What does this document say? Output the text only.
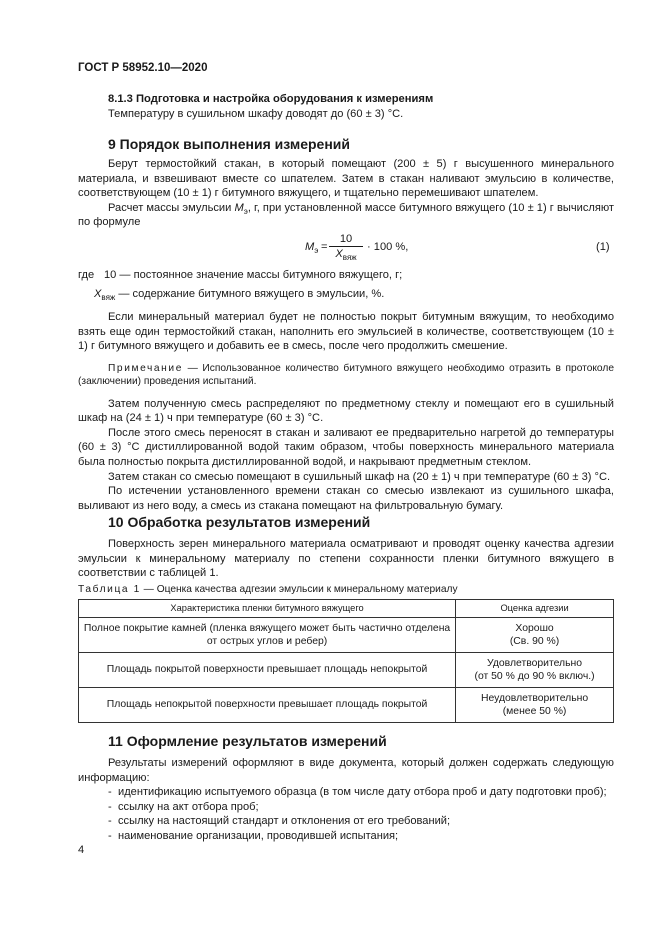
ГОСТ Р 58952.10—2020
8.1.3 Подготовка и настройка оборудования к измерениям
Температуру в сушильном шкафу доводят до (60 ± 3) °C.
9 Порядок выполнения измерений

Берут термостойкий стакан, в который помещают (200 ± 5) г высушенного минерального материала, и взвешивают вместе со шпателем. Затем в стакан наливают эмульсию в количестве, соответствующем (10 ± 1) г битумного вяжущего, и тщательно перемешивают шпателем.

Расчет массы эмульсии $M_э$, г, при установленной массе битумного вяжущего (10 ± 1) г вычисляют по формуле

$M_э$ =
10
$X_{вяж}$
· 100 %,	(1)
где 10 — постоянное значение массы битумного вяжущего, г;
$X_{вяж}$ — содержание битумного вяжущего в эмульсии, %.

Если минеральный материал будет не полностью покрыт битумным вяжущим, то необходимо взять еще один термостойкий стакан, наполнить его эмульсией в количестве, соответствующем (10 ± 1) г битумного вяжущего и добавить ее в смесь, после чего продолжить смешение.

Примечание — Использованное количество битумного вяжущего необходимо отразить в протоколе (заключении) проведения испытаний.

Затем полученную смесь распределяют по предметному стеклу и помещают его в сушильный шкаф на (24 ± 1) ч при температуре (60 ± 3) °C.

После этого смесь переносят в стакан и заливают ее предварительно нагретой до температуры (60 ± 3) °C дистиллированной водой таким образом, чтобы поверхность минерального материала была полностью покрыта дистиллированной водой, и накрывают предметным стеклом.

Затем стакан со смесью помещают в сушильный шкаф на (20 ± 1) ч при температуре (60 ± 3) °C.

По истечении установленного времени стакан со смесью извлекают из сушильного шкафа, выливают из него воду, а смесь из стакана помещают на фильтровальную бумагу.

10 Обработка результатов измерений

Поверхность зерен минерального материала осматривают и проводят оценку качества адгезии эмульсии к минеральному материалу по степени сохранности пленки битумного вяжущего в соответствии с таблицей 1.

Таблица 1 — Оценка качества адгезии эмульсии к минеральному материалу
Характеристика пленки битумного вяжущего	Оценка адгезии
Полное покрытие камней (пленка вяжущего может быть частично отделена от острых углов и ребер)	Хорошо
(Св. 90 %)

Площадь покрытой поверхности превышает площадь непокрытой	Удовлетворительно
(от 50 % до 90 % включ.)

Площадь непокрытой поверхности превышает площадь покрытой	Неудовлетворительно
(менее 50 %)
11 Оформление результатов измерений

Результаты измерений оформляют в виде документа, который должен содержать следующую информацию:

- идентификацию испытуемого образца (в том числе дату отбора проб и дату подготовки проб);
- ссылку на акт отбора проб;
- ссылку на настоящий стандарт и отклонения от его требований;
- наименование организации, проводившей испытания;
4
